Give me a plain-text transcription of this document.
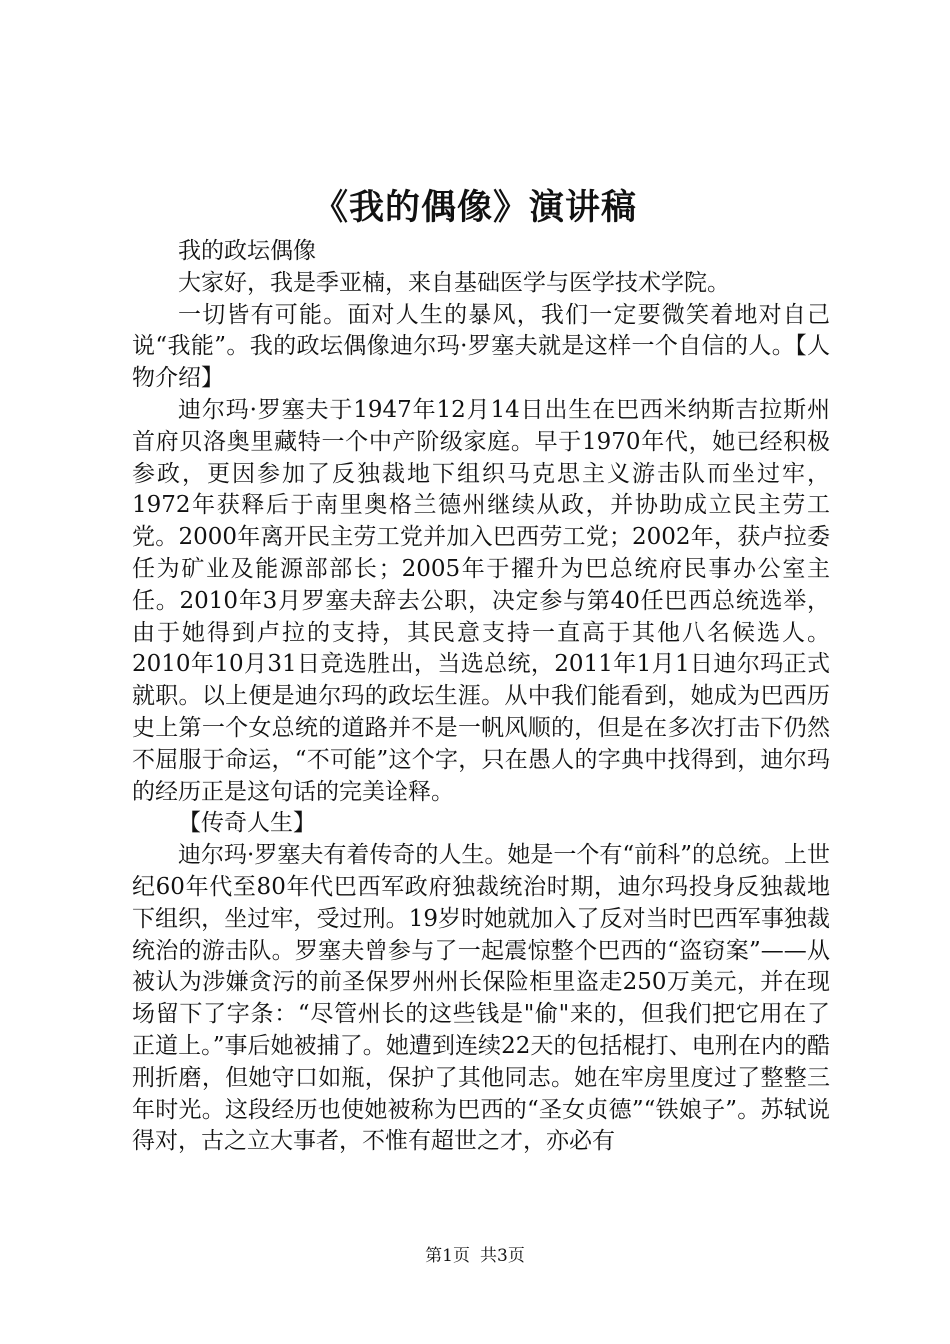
《我的偶像》演讲稿

我的政坛偶像

大家好，我是季亚楠，来自基础医学与医学技术学院。

一切皆有可能。面对人生的暴风，我们一定要微笑着地对自己说“我能”。我的政坛偶像迪尔玛·罗塞夫就是这样一个自信的人。【人物介绍】

迪尔玛·罗塞夫于1947年12月14日出生在巴西米纳斯吉拉斯州首府贝洛奥里藏特一个中产阶级家庭。早于1970年代，她已经积极参政，更因参加了反独裁地下组织马克思主义游击队而坐过牢，1972年获释后于南里奥格兰德州继续从政，并协助成立民主劳工党。2000年离开民主劳工党并加入巴西劳工党；2002年，获卢拉委任为矿业及能源部部长；2005年于擢升为巴总统府民事办公室主任。2010年3月罗塞夫辞去公职，决定参与第40任巴西总统选举，由于她得到卢拉的支持，其民意支持一直高于其他八名候选人。2010年10月31日竞选胜出，当选总统，2011年1月1日迪尔玛正式就职。以上便是迪尔玛的政坛生涯。从中我们能看到，她成为巴西历史上第一个女总统的道路并不是一帆风顺的，但是在多次打击下仍然不屈服于命运，“不可能”这个字，只在愚人的字典中找得到，迪尔玛的经历正是这句话的完美诠释。

【传奇人生】

迪尔玛·罗塞夫有着传奇的人生。她是一个有“前科”的总统。上世纪60年代至80年代巴西军政府独裁统治时期，迪尔玛投身反独裁地下组织，坐过牢，受过刑。19岁时她就加入了反对当时巴西军事独裁统治的游击队。罗塞夫曾参与了一起震惊整个巴西的“盗窃案”——从被认为涉嫌贪污的前圣保罗州州长保险柜里盗走250万美元，并在现场留下了字条：“尽管州长的这些钱是"偷"来的，但我们把它用在了正道上。”事后她被捕了。她遭到连续22天的包括棍打、电刑在内的酷刑折磨，但她守口如瓶，保护了其他同志。她在牢房里度过了整整三年时光。这段经历也使她被称为巴西的“圣女贞德”“铁娘子”。苏轼说得对，古之立大事者，不惟有超世之才，亦必有

第1页 共3页
